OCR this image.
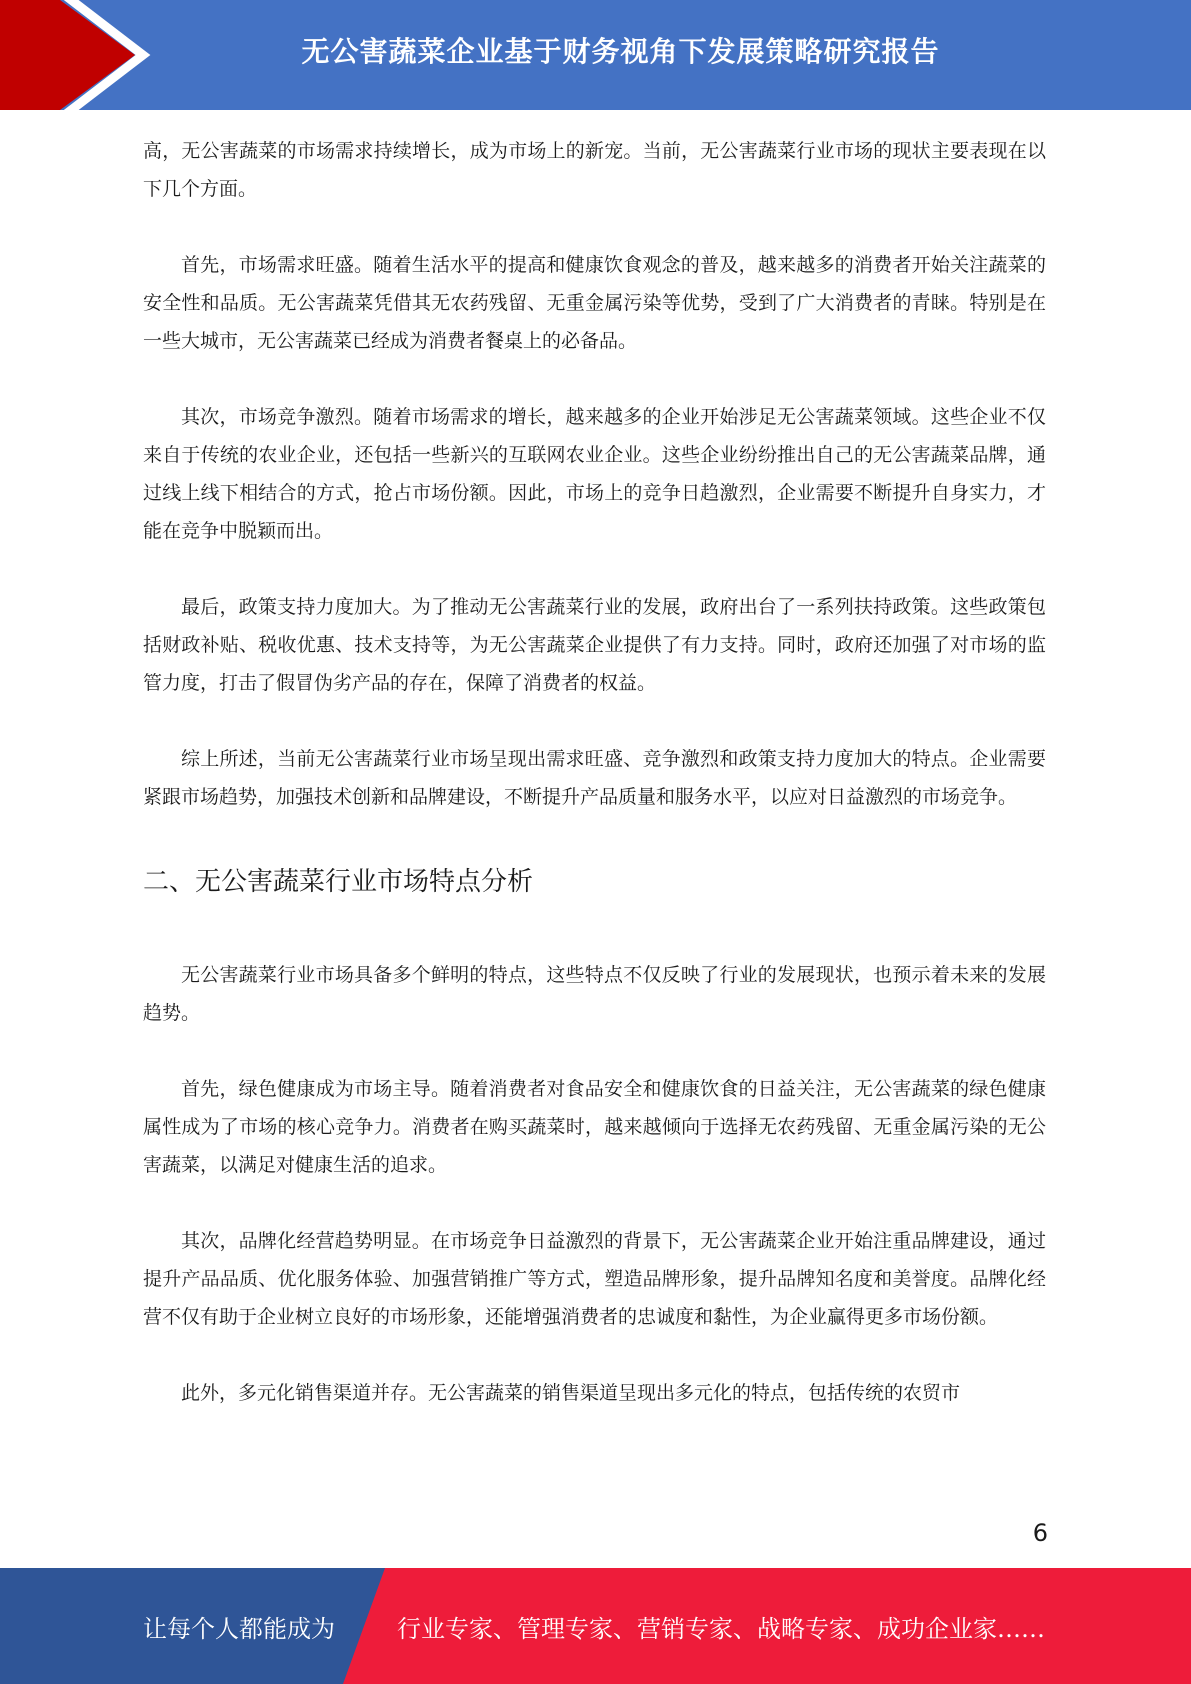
无公害蔬菜企业基于财务视角下发展策略研究报告

高，无公害蔬菜的市场需求持续增长，成为市场上的新宠。当前，无公害蔬菜行业市场的现状主要表现在以下几个方面。

首先，市场需求旺盛。随着生活水平的提高和健康饮食观念的普及，越来越多的消费者开始关注蔬菜的安全性和品质。无公害蔬菜凭借其无农药残留、无重金属污染等优势，受到了广大消费者的青睐。特别是在一些大城市，无公害蔬菜已经成为消费者餐桌上的必备品。

其次，市场竞争激烈。随着市场需求的增长，越来越多的企业开始涉足无公害蔬菜领域。这些企业不仅来自于传统的农业企业，还包括一些新兴的互联网农业企业。这些企业纷纷推出自己的无公害蔬菜品牌，通过线上线下相结合的方式，抢占市场份额。因此，市场上的竞争日趋激烈，企业需要不断提升自身实力，才能在竞争中脱颖而出。

最后，政策支持力度加大。为了推动无公害蔬菜行业的发展，政府出台了一系列扶持政策。这些政策包括财政补贴、税收优惠、技术支持等，为无公害蔬菜企业提供了有力支持。同时，政府还加强了对市场的监管力度，打击了假冒伪劣产品的存在，保障了消费者的权益。

综上所述，当前无公害蔬菜行业市场呈现出需求旺盛、竞争激烈和政策支持力度加大的特点。企业需要紧跟市场趋势，加强技术创新和品牌建设，不断提升产品质量和服务水平，以应对日益激烈的市场竞争。

二、无公害蔬菜行业市场特点分析

无公害蔬菜行业市场具备多个鲜明的特点，这些特点不仅反映了行业的发展现状，也预示着未来的发展趋势。

首先，绿色健康成为市场主导。随着消费者对食品安全和健康饮食的日益关注，无公害蔬菜的绿色健康属性成为了市场的核心竞争力。消费者在购买蔬菜时，越来越倾向于选择无农药残留、无重金属污染的无公害蔬菜，以满足对健康生活的追求。

其次，品牌化经营趋势明显。在市场竞争日益激烈的背景下，无公害蔬菜企业开始注重品牌建设，通过提升产品品质、优化服务体验、加强营销推广等方式，塑造品牌形象，提升品牌知名度和美誉度。品牌化经营不仅有助于企业树立良好的市场形象，还能增强消费者的忠诚度和黏性，为企业赢得更多市场份额。

此外，多元化销售渠道并存。无公害蔬菜的销售渠道呈现出多元化的特点，包括传统的农贸市

6
让每个人都能成为	行业专家、管理专家、营销专家、战略专家、成功企业家……
